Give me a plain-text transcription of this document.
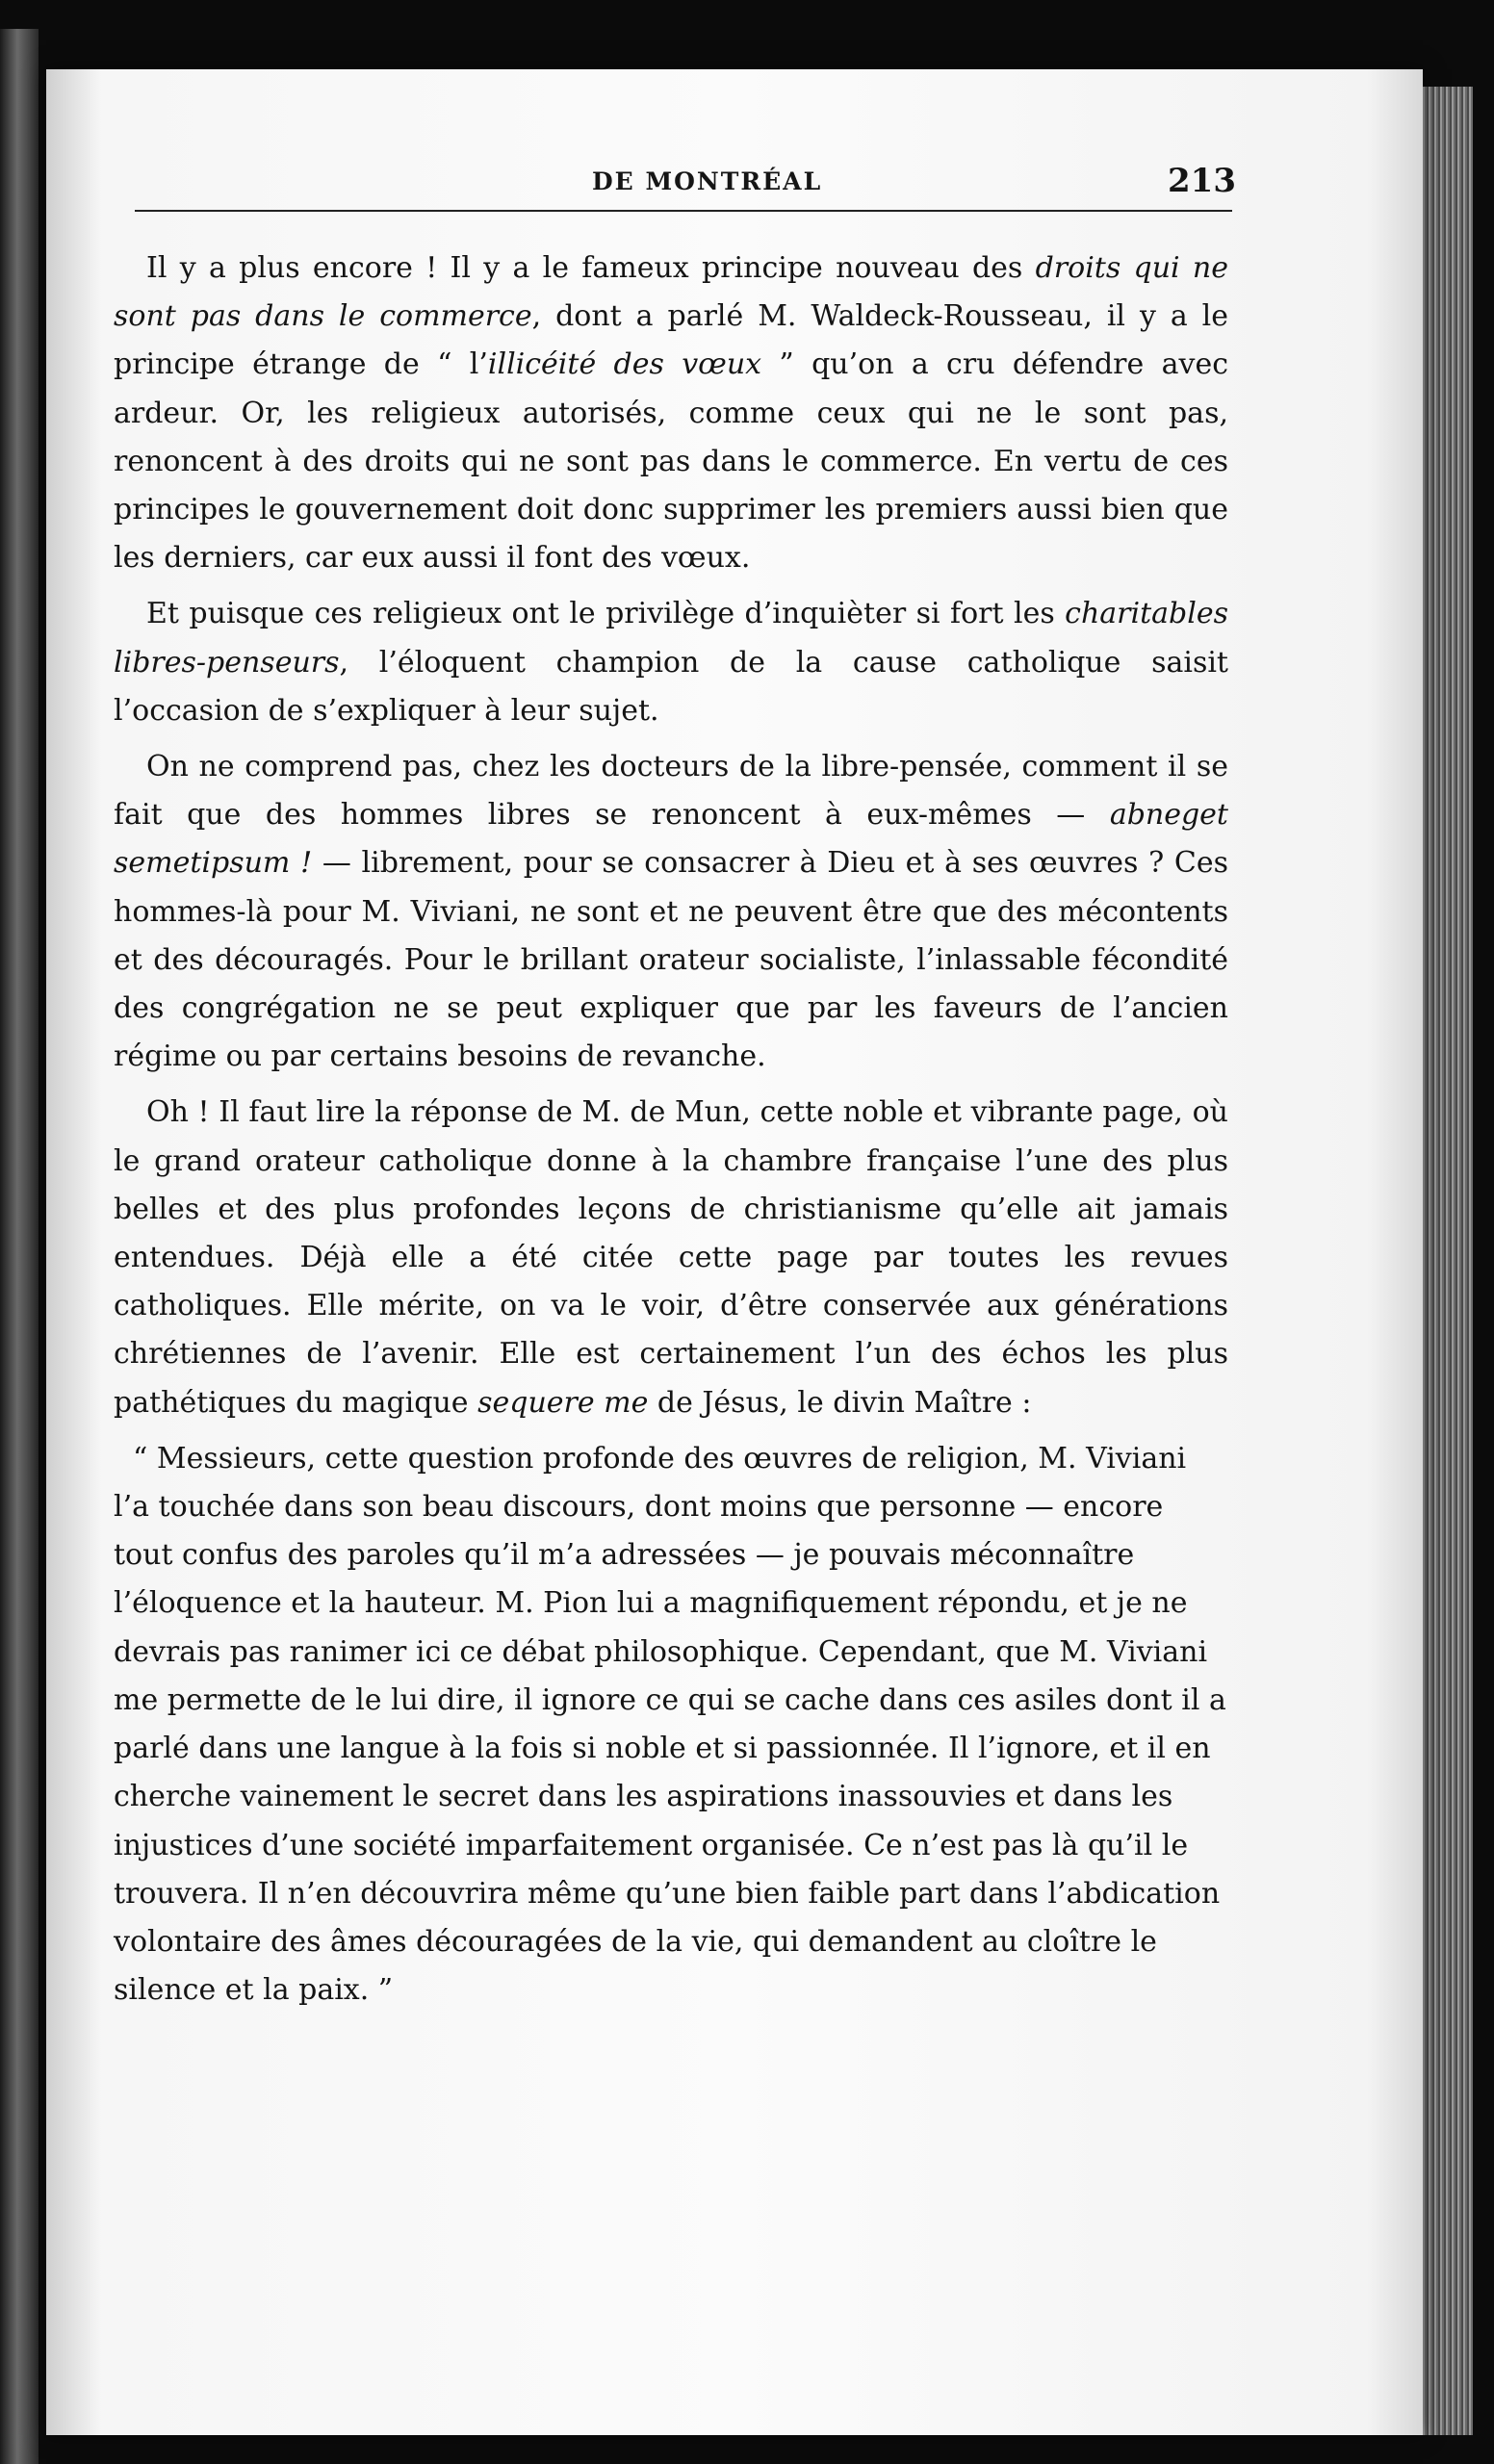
DE MONTRÉAL	213

Il y a plus encore ! Il y a le fameux principe nouveau des droits qui ne sont pas dans le commerce, dont a parlé M. Waldeck-Rousseau, il y a le principe étrange de “ l’illicéité des vœux ” qu’on a cru défendre avec ardeur. Or, les religieux autorisés, comme ceux qui ne le sont pas, renoncent à des droits qui ne sont pas dans le commerce. En vertu de ces principes le gouvernement doit donc supprimer les premiers aussi bien que les derniers, car eux aussi il font des vœux.

Et puisque ces religieux ont le privilège d’inquièter si fort les charitables libres-penseurs, l’éloquent champion de la cause catholique saisit l’occasion de s’expliquer à leur sujet.

On ne comprend pas, chez les docteurs de la libre-pensée, comment il se fait que des hommes libres se renoncent à eux-mêmes — abneget semetipsum ! — librement, pour se consacrer à Dieu et à ses œuvres ? Ces hommes-là pour M. Viviani, ne sont et ne peuvent être que des mécontents et des découragés. Pour le brillant orateur socialiste, l’inlassable fécondité des congrégation ne se peut expliquer que par les faveurs de l’ancien régime ou par certains besoins de revanche.

Oh ! Il faut lire la réponse de M. de Mun, cette noble et vibrante page, où le grand orateur catholique donne à la chambre française l’une des plus belles et des plus profondes leçons de christianisme qu’elle ait jamais entendues. Déjà elle a été citée cette page par toutes les revues catholiques. Elle mérite, on va le voir, d’être conservée aux générations chrétiennes de l’avenir. Elle est certainement l’un des échos les plus pathétiques du magique sequere me de Jésus, le divin Maître :

“ Messieurs, cette question profonde des œuvres de religion, M. Viviani l’a touchée dans son beau discours, dont moins que personne — encore tout confus des paroles qu’il m’a adressées — je pouvais méconnaître l’éloquence et la hauteur. M. Pion lui a magnifiquement répondu, et je ne devrais pas ranimer ici ce débat philosophique. Cependant, que M. Viviani me permette de le lui dire, il ignore ce qui se cache dans ces asiles dont il a parlé dans une langue à la fois si noble et si passionnée. Il l’ignore, et il en cherche vainement le secret dans les aspirations inassouvies et dans les injustices d’une société imparfaitement organisée. Ce n’est pas là qu’il le trouvera. Il n’en découvrira même qu’une bien faible part dans l’abdication volontaire des âmes découragées de la vie, qui demandent au cloître le silence et la paix. ”
